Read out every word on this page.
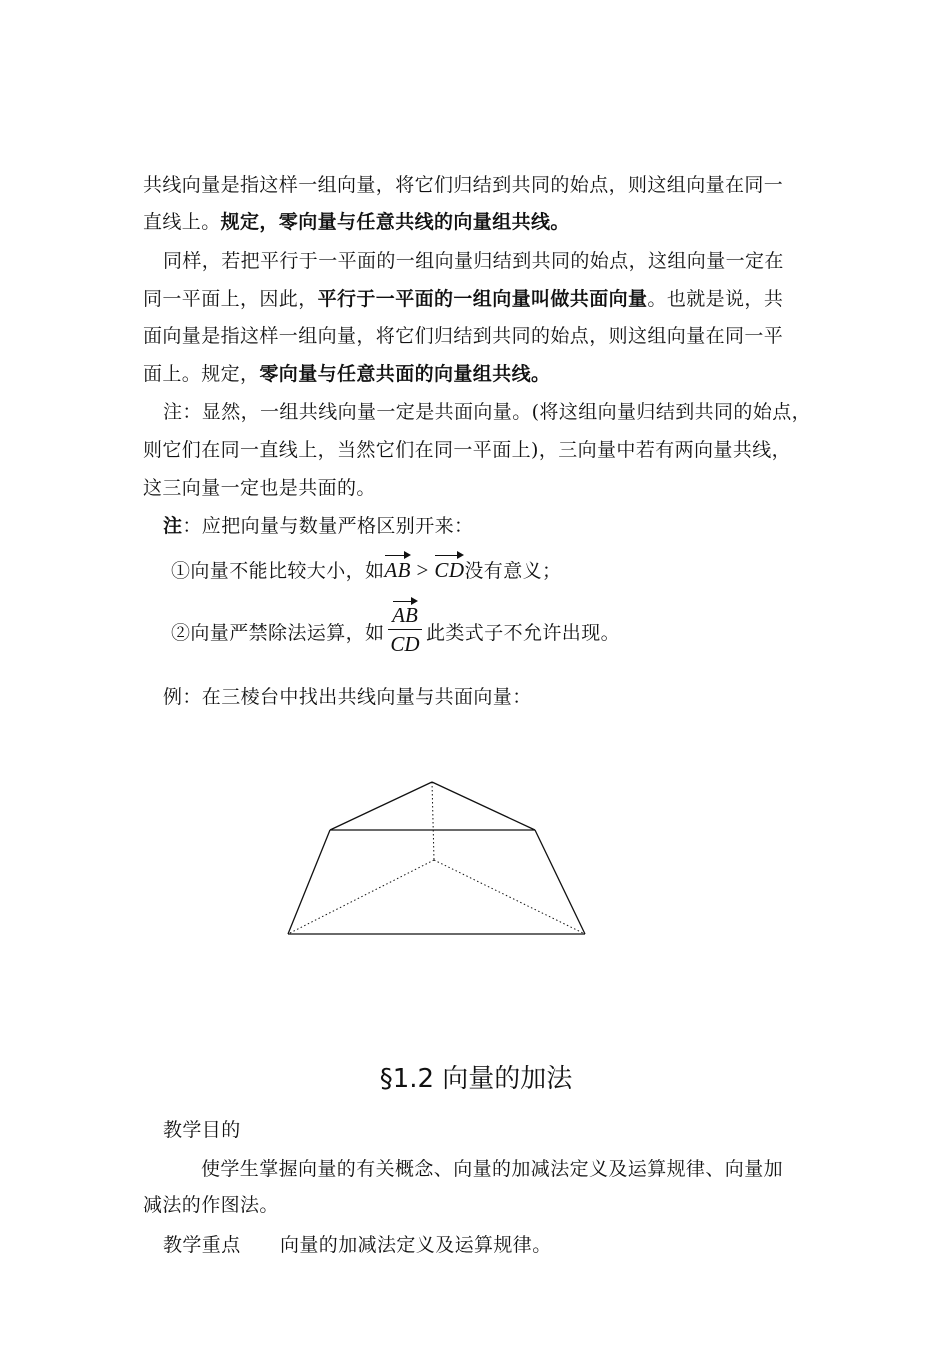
共线向量是指这样一组向量，将它们归结到共同的始点，则这组向量在同一
直线上。规定，零向量与任意共线的向量组共线。
同样，若把平行于一平面的一组向量归结到共同的始点，这组向量一定在
同一平面上，因此，平行于一平面的一组向量叫做共面向量。也就是说，共
面向量是指这样一组向量，将它们归结到共同的始点，则这组向量在同一平
面上。规定，零向量与任意共面的向量组共线。
注：显然，一组共线向量一定是共面向量。(将这组向量归结到共同的始点，
则它们在同一直线上，当然它们在同一平面上)，三向量中若有两向量共线，
这三向量一定也是共面的。
注：应把向量与数量严格区别开来：
①向量不能比较大小，如AB > CD没有意义；
②向量严禁除法运算，如
AB
CD 此类式子不允许出现。
例：在三棱台中找出共线向量与共面向量：
§1.2 向量的加法
教学目的
使学生掌握向量的有关概念、向量的加减法定义及运算规律、向量加
减法的作图法。
教学重点 向量的加减法定义及运算规律。
